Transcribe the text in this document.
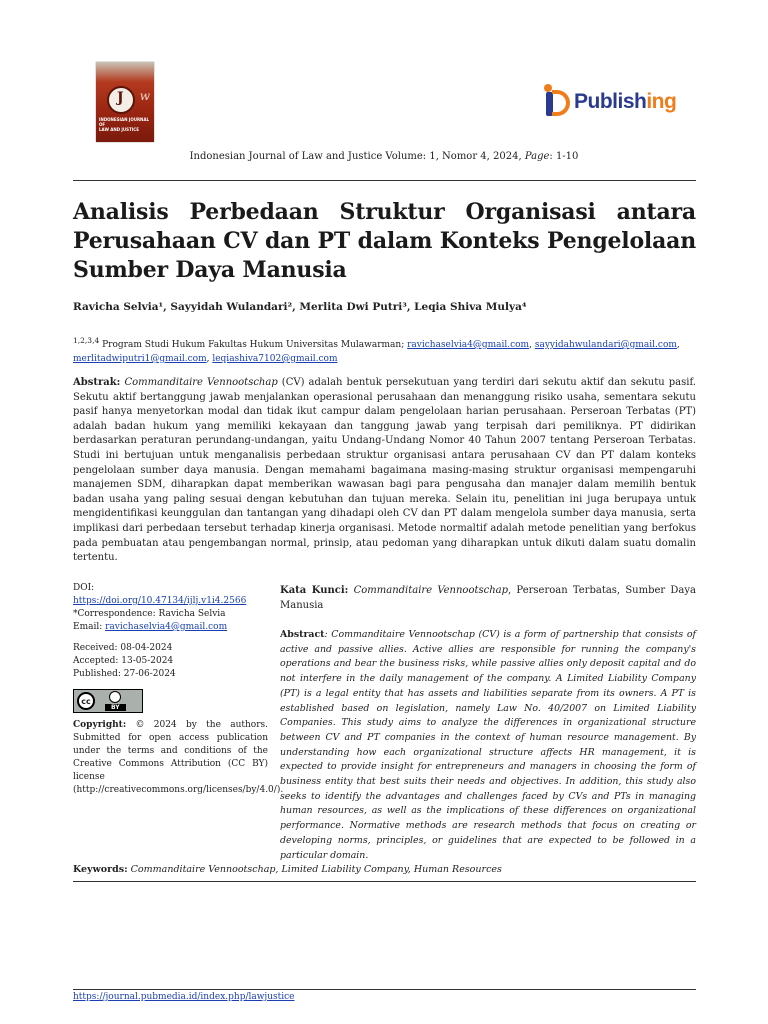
J w
INDONESIAN JOURNAL OF
LAW AND JUSTICE
Publishing
Indonesian Journal of Law and Justice Volume: 1, Nomor 4, 2024, Page: 1-10
Analisis Perbedaan Struktur Organisasi antara Perusahaan CV dan PT dalam Konteks Pengelolaan Sumber Daya Manusia
Ravicha Selvia¹, Sayyidah Wulandari², Merlita Dwi Putri³, Leqia Shiva Mulya⁴
$^{1,2,3,4}$ Program Studi Hukum Fakultas Hukum Universitas Mulawarman; ravichaselvia4@gmail.com, sayyidahwulandari@gmail.com, merlitadwiputri1@gmail.com, leqiashiva7102@gmail.com
Abstrak: Commanditaire Vennootschap (CV) adalah bentuk persekutuan yang terdiri dari sekutu aktif dan sekutu pasif. Sekutu aktif bertanggung jawab menjalankan operasional perusahaan dan menanggung risiko usaha, sementara sekutu pasif hanya menyetorkan modal dan tidak ikut campur dalam pengelolaan harian perusahaan. Perseroan Terbatas (PT) adalah badan hukum yang memiliki kekayaan dan tanggung jawab yang terpisah dari pemiliknya. PT didirikan berdasarkan peraturan perundang-undangan, yaitu Undang-Undang Nomor 40 Tahun 2007 tentang Perseroan Terbatas. Studi ini bertujuan untuk menganalisis perbedaan struktur organisasi antara perusahaan CV dan PT dalam konteks pengelolaan sumber daya manusia. Dengan memahami bagaimana masing-masing struktur organisasi mempengaruhi manajemen SDM, diharapkan dapat memberikan wawasan bagi para pengusaha dan manajer dalam memilih bentuk badan usaha yang paling sesuai dengan kebutuhan dan tujuan mereka. Selain itu, penelitian ini juga berupaya untuk mengidentifikasi keunggulan dan tantangan yang dihadapi oleh CV dan PT dalam mengelola sumber daya manusia, serta implikasi dari perbedaan tersebut terhadap kinerja organisasi. Metode normaltif adalah metode penelitian yang berfokus pada pembuatan atau pengembangan normal, prinsip, atau pedoman yang diharapkan untuk dikuti dalam suatu domalin tertentu.
DOI:
https://doi.org/10.47134/ijlj.v1i4.2566
*Correspondence: Ravicha Selvia
Email: ravichaselvia4@gmail.com
Received: 08-04-2024
Accepted: 13-05-2024
Published: 27-06-2024
cc
BY
Copyright: © 2024 by the authors. Submitted for open access publication under the terms and conditions of the Creative Commons Attribution (CC BY) license (http://creativecommons.org/licenses/by/4.0/).
Kata Kunci: Commanditaire Vennootschap, Perseroan Terbatas, Sumber Daya Manusia
Abstract: Commanditaire Vennootschap (CV) is a form of partnership that consists of active and passive allies. Active allies are responsible for running the company's operations and bear the business risks, while passive allies only deposit capital and do not interfere in the daily management of the company. A Limited Liability Company (PT) is a legal entity that has assets and liabilities separate from its owners. A PT is established based on legislation, namely Law No. 40/2007 on Limited Liability Companies. This study aims to analyze the differences in organizational structure between CV and PT companies in the context of human resource management. By understanding how each organizational structure affects HR management, it is expected to provide insight for entrepreneurs and managers in choosing the form of business entity that best suits their needs and objectives. In addition, this study also seeks to identify the advantages and challenges faced by CVs and PTs in managing human resources, as well as the implications of these differences on organizational performance. Normative methods are research methods that focus on creating or developing norms, principles, or guidelines that are expected to be followed in a particular domain.
Keywords: Commanditaire Vennootschap, Limited Liability Company, Human Resources
https://journal.pubmedia.id/index.php/lawjustice
